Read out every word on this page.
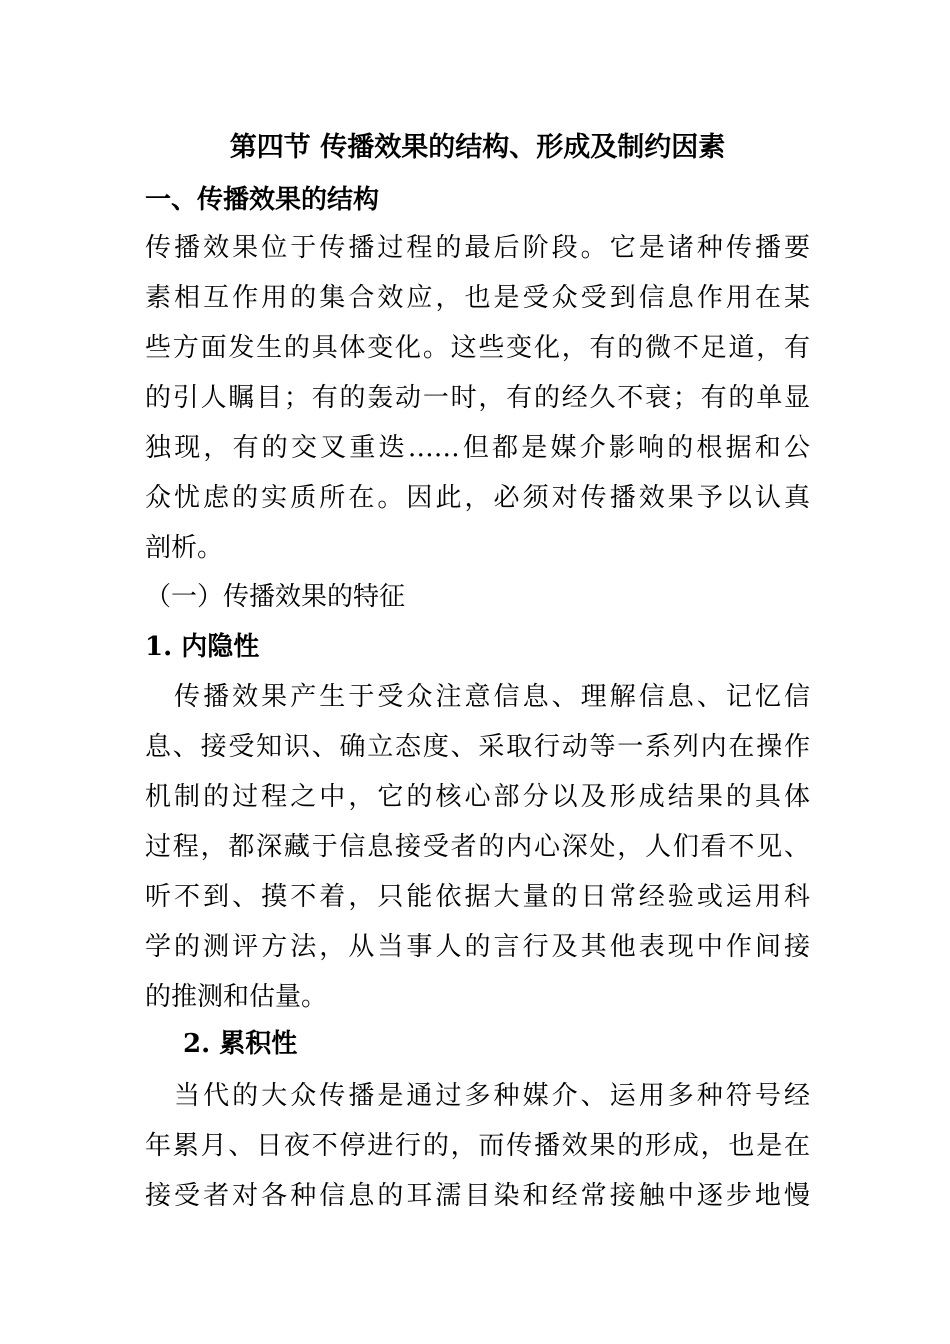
第四节 传播效果的结构、形成及制约因素
一、传播效果的结构
传播效果位于传播过程的最后阶段。它是诸种传播要
素相互作用的集合效应，也是受众受到信息作用在某
些方面发生的具体变化。这些变化，有的微不足道，有
的引人瞩目；有的轰动一时，有的经久不衰；有的单显
独现，有的交叉重迭……但都是媒介影响的根据和公
众忧虑的实质所在。因此，必须对传播效果予以认真
剖析。
（一）传播效果的特征
1. 内隐性
　传播效果产生于受众注意信息、理解信息、记忆信
息、接受知识、确立态度、采取行动等一系列内在操作
机制的过程之中，它的核心部分以及形成结果的具体
过程，都深藏于信息接受者的内心深处，人们看不见、
听不到、摸不着，只能依据大量的日常经验或运用科
学的测评方法，从当事人的言行及其他表现中作间接
的推测和估量。
2. 累积性
　当代的大众传播是通过多种媒介、运用多种符号经
年累月、日夜不停进行的，而传播效果的形成，也是在
接受者对各种信息的耳濡目染和经常接触中逐步地慢
